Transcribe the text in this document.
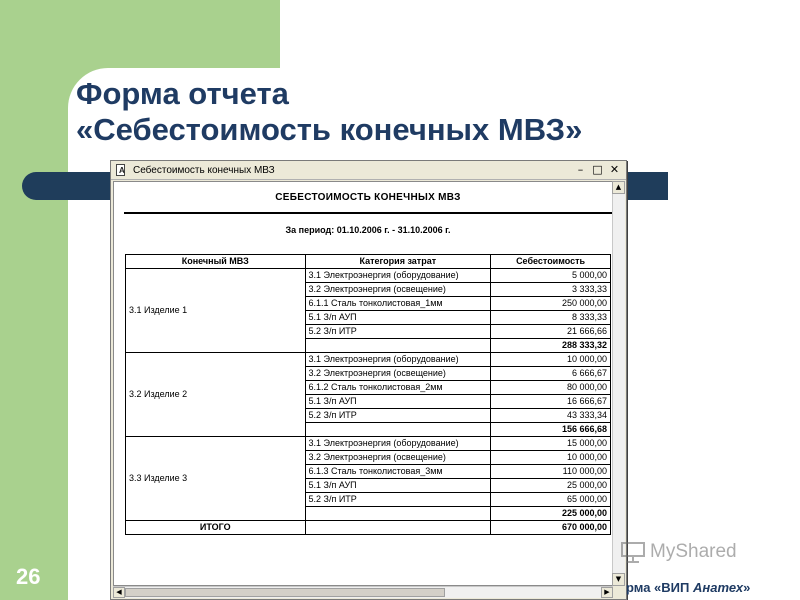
Форма отчета
«Себестоимость конечных МВЗ»
A Себестоимость конечных МВЗ	– □ ✕
СЕБЕСТОИМОСТЬ КОНЕЧНЫХ МВЗ
За период: 01.10.2006 г. - 31.10.2006 г.
Конечный МВЗ	Категория затрат	Себестоимость
3.1 Изделие 1	3.1 Электроэнергия (оборудование)	5 000,00
	3.2 Электроэнергия (освещение)	3 333,33
	6.1.1 Сталь тонколистовая_1мм	250 000,00
	5.1 З/п АУП	8 333,33
	5.2 З/п ИТР	21 666,66
		288 333,32
3.2 Изделие 2	3.1 Электроэнергия (оборудование)	10 000,00
	3.2 Электроэнергия (освещение)	6 666,67
	6.1.2 Сталь тонколистовая_2мм	80 000,00
	5.1 З/п АУП	16 666,67
	5.2 З/п ИТР	43 333,34
		156 666,68
3.3 Изделие 3	3.1 Электроэнергия (оборудование)	15 000,00
	3.2 Электроэнергия (освещение)	10 000,00
	6.1.3 Сталь тонколистовая_3мм	110 000,00
	5.1 З/п АУП	25 000,00
	5.2 З/п ИТР	65 000,00
		225 000,00
ИТОГО		670 000,00
▲
▼
◀	▶
MyShared
26	рма «ВИП Анатех»
